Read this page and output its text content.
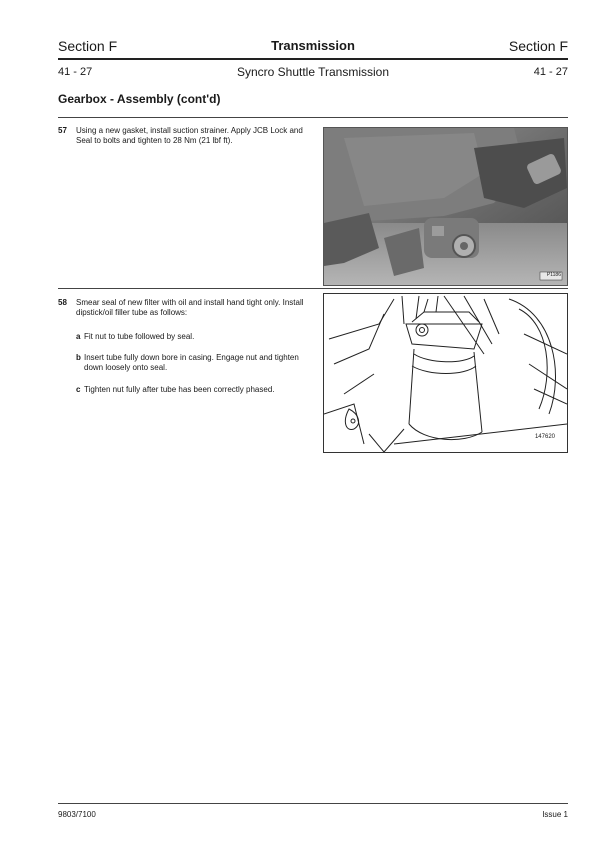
Section F	Transmission	Section F
41 - 27	Syncro Shuttle Transmission	41 - 27
Gearbox - Assembly (cont'd)
57	Using a new gasket, install suction strainer. Apply JCB Lock and Seal to bolts and tighten to 28 Nm (21 lbf ft).
P1186
58	Smear seal of new filter with oil and install hand tight only. Install dipstick/oil filler tube as follows:
a Fit nut to tube followed by seal.
b Insert tube fully down bore in casing. Engage nut and tighten down loosely onto seal.
c Tighten nut fully after tube has been correctly phased.
147620
9803/7100	Issue 1
